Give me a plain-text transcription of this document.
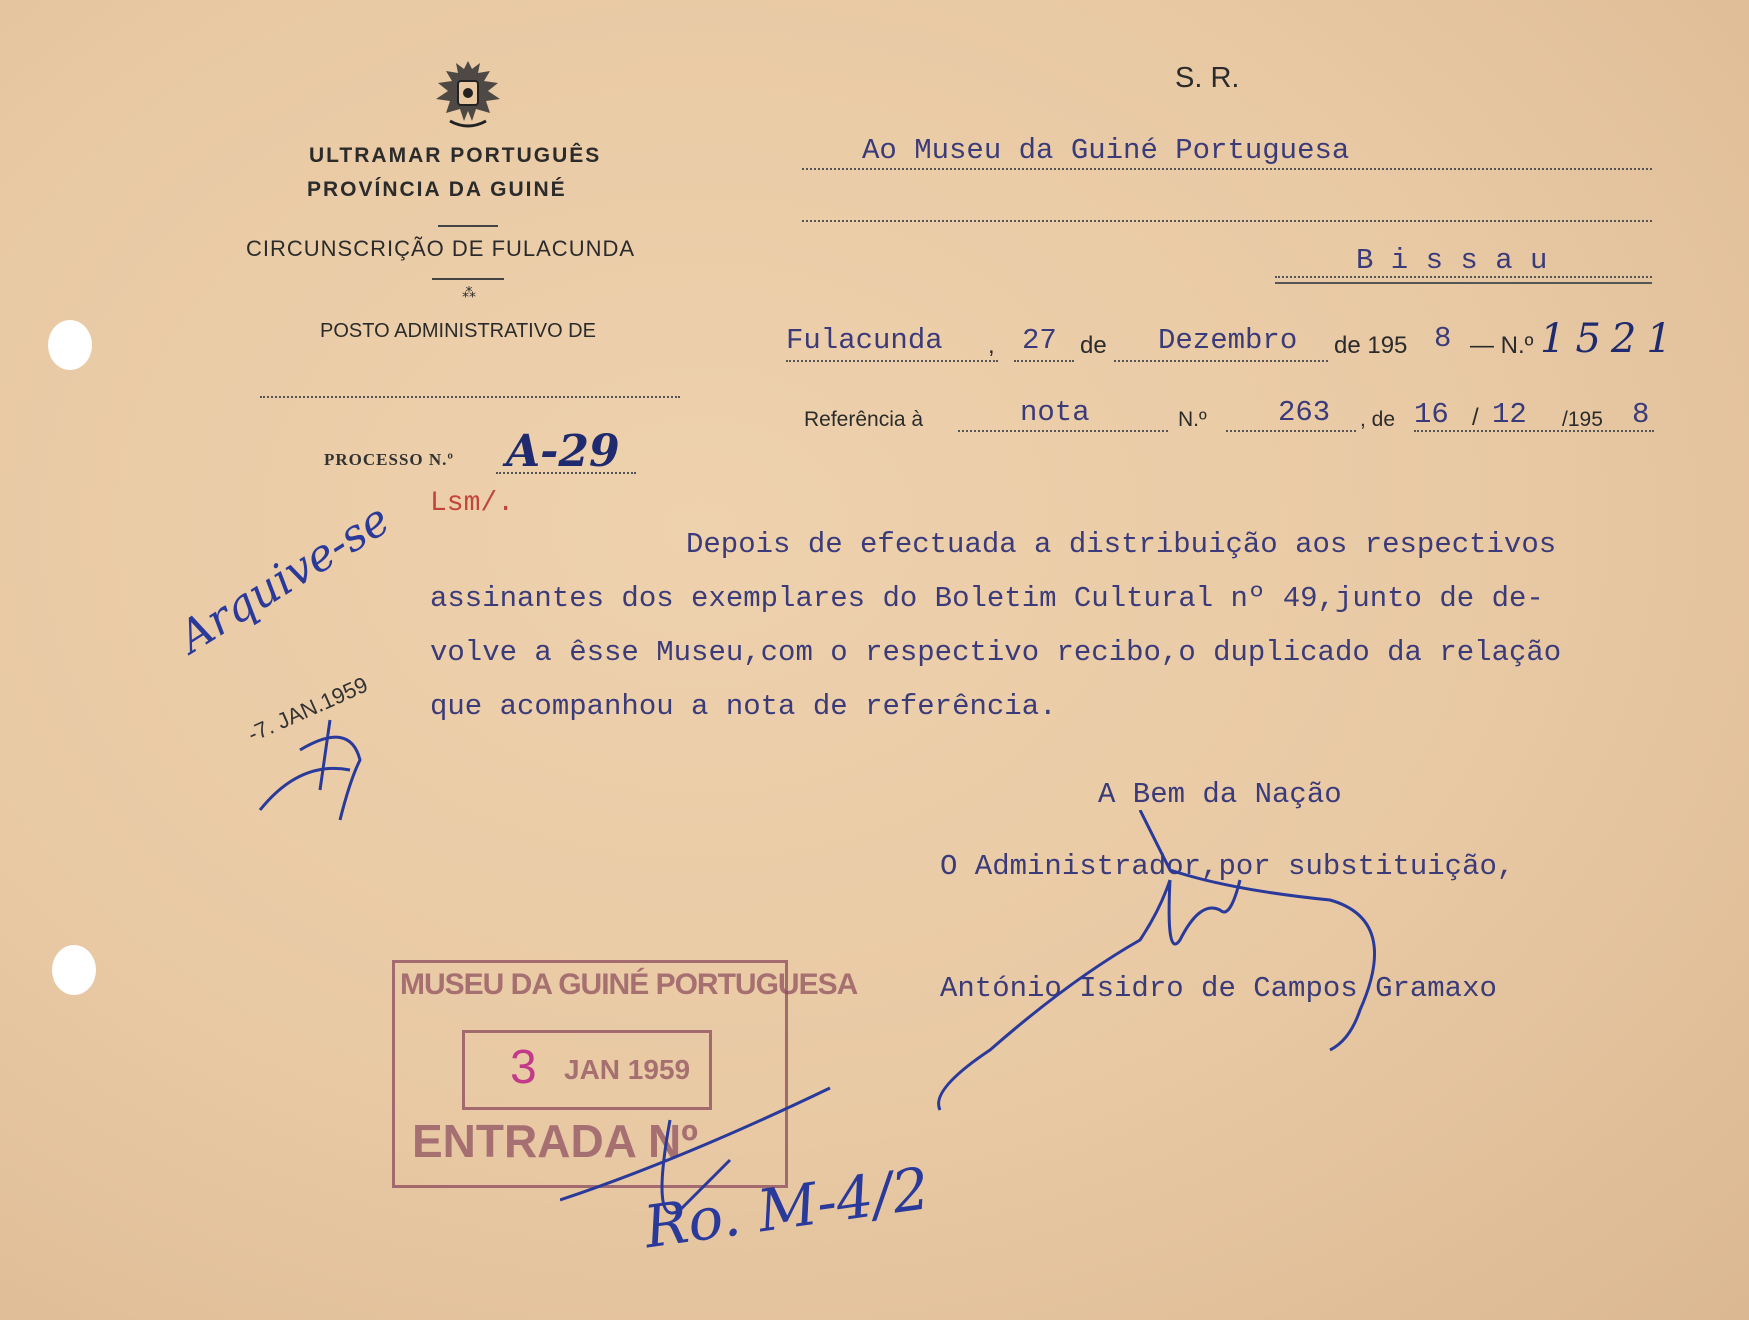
ULTRAMAR PORTUGUÊS
PROVÍNCIA DA GUINÉ
CIRCUNSCRIÇÃO DE FULACUNDA
⁂
POSTO ADMINISTRATIVO DE
S. R.
Ao Museu da Guiné Portuguesa
B i s s a u
Fulacunda , 27 de Dezembro de 195 8 — N.º 1521
Referência à	nota	N.º 263 , de 16 / 12 /195 8
PROCESSO N.º A-29
Lsm/.
Depois de efectuada a distribuição aos respectivos
assinantes dos exemplares do Boletim Cultural nº 49,junto de de-
volve a êsse Museu,com o respectivo recibo,o duplicado da relação
que acompanhou a nota de referência.
A Bem da Nação
O Administrador,por substituição,
António Isidro de Campos Gramaxo
Arquive-se
-7. JAN.1959
MUSEU DA GUINÉ PORTUGUESA
3 JAN 1959
ENTRADA Nº
Ro. M-4/2
